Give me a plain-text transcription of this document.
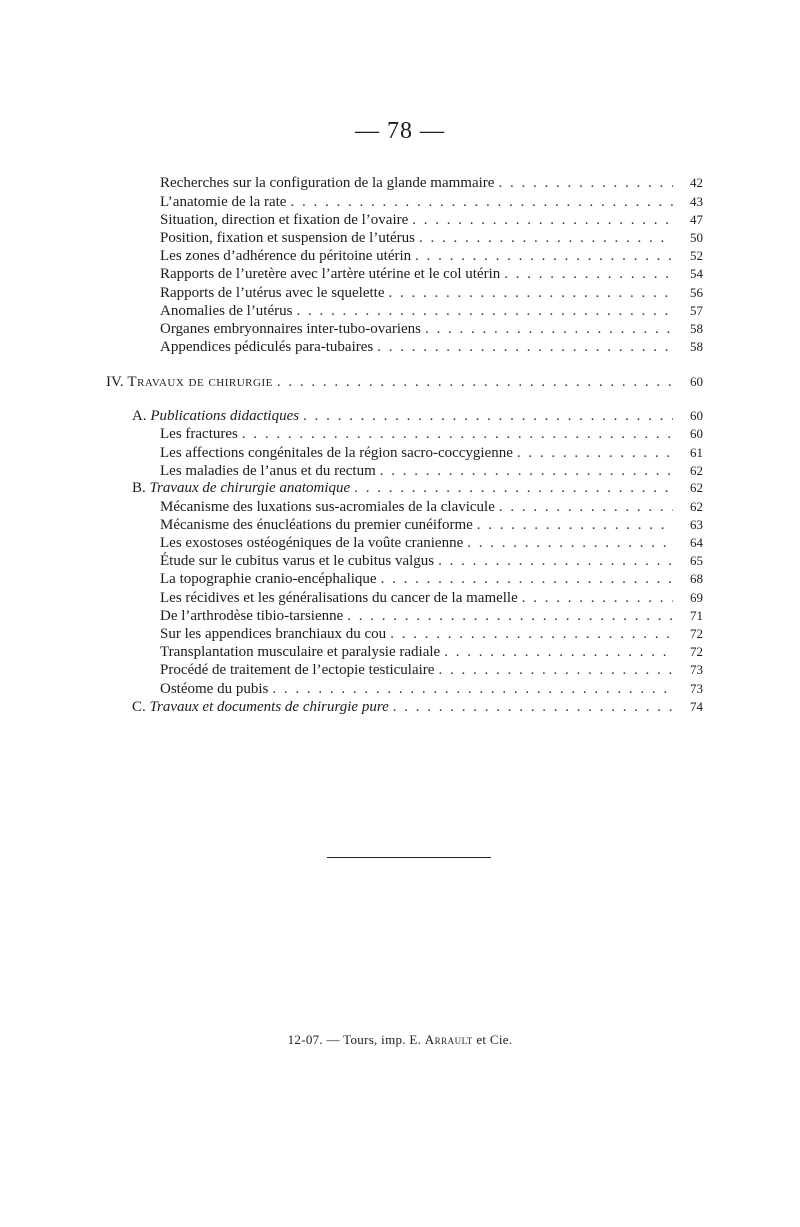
— 78 —
Recherches sur la configuration de la glande mammaire . . .	42
L’anatomie de la rate . . .	43
Situation, direction et fixation de l’ovaire . . .	47
Position, fixation et suspension de l’utérus . . .	50
Les zones d’adhérence du péritoine utérin . . .	52
Rapports de l’uretère avec l’artère utérine et le col utérin . . .	54
Rapports de l’utérus avec le squelette . . .	56
Anomalies de l’utérus . . .	57
Organes embryonnaires inter-tubo-ovariens . . .	58
Appendices pédiculés para-tubaires . . .	58
IV. Travaux de chirurgie . . .	60
A. Publications didactiques . . .	60
Les fractures . . .	60
Les affections congénitales de la région sacro-coccygienne . . .	61
Les maladies de l’anus et du rectum . . .	62
B. Travaux de chirurgie anatomique . . .	62
Mécanisme des luxations sus-acromiales de la clavicule . . .	62
Mécanisme des énucléations du premier cunéiforme . . .	63
Les exostoses ostéogéniques de la voûte cranienne . . .	64
Étude sur le cubitus varus et le cubitus valgus . . .	65
La topographie cranio-encéphalique . . .	68
Les récidives et les généralisations du cancer de la mamelle . . .	69
De l’arthrodèse tibio-tarsienne . . .	71
Sur les appendices branchiaux du cou . . .	72
Transplantation musculaire et paralysie radiale . . .	72
Procédé de traitement de l’ectopie testiculaire . . .	73
Ostéome du pubis . . .	73
C. Travaux et documents de chirurgie pure . . .	74
12-07. — Tours, imp. E. Arrault et Cie.
